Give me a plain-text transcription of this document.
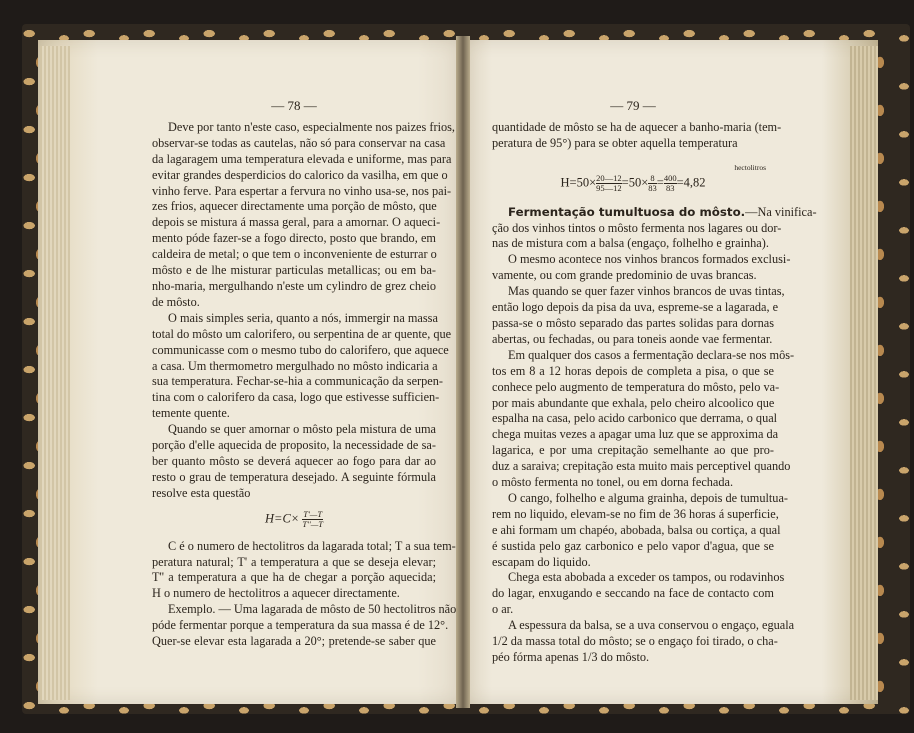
— 78 —
Deve por tanto n'este caso, especialmente nos paizes frios,
observar-se todas as cautelas, não só para conservar na casa
da lagaragem uma temperatura elevada e uniforme, mas para
evitar grandes desperdicios do calorico da vasilha, em que o
vinho ferve. Para espertar a fervura no vinho usa-se, nos pai-
zes frios, aquecer directamente uma porção de môsto, que
depois se mistura á massa geral, para a amornar. O aqueci-
mento póde fazer-se a fogo directo, posto que brando, em
caldeira de metal; o que tem o inconveniente de esturrar o
môsto e de lhe misturar particulas metallicas; ou em ba-
nho-maria, mergulhando n'este um cylindro de grez cheio
de môsto.
O mais simples seria, quanto a nós, immergir na massa
total do môsto um calorifero, ou serpentina de ar quente, que
communicasse com o mesmo tubo do calorifero, que aquece
a casa. Um thermometro mergulhado no môsto indicaria a
sua temperatura. Fechar-se-hia a communicação da serpen-
tina com o calorifero da casa, logo que estivesse sufficien-
temente quente.
Quando se quer amornar o môsto pela mistura de uma
porção d'elle aquecida de proposito, la necessidade de sa-
ber quanto môsto se deverá aquecer ao fogo para dar ao
resto o grau de temperatura desejado. A seguinte fórmula
resolve esta questão
$H=C\times \frac{T'—T}{T''—T}$
C é o numero de hectolitros da lagarada total; T a sua tem-
peratura natural; T' a temperatura a que se deseja elevar;
T'' a temperatura a que ha de chegar a porção aquecida;
H o numero de hectolitros a aquecer directamente.
Exemplo. — Uma lagarada de môsto de 50 hectolitros não
póde fermentar porque a temperatura da sua massa é de 12°.
Quer-se elevar esta lagarada a 20°; pretende-se saber que
— 79 —
quantidade de môsto se ha de aquecer a banho-maria (tem-
peratura de 95°) para se obter aquella temperatura
hectolitros
$H=50\times \frac{20—12}{95—12} =50\times \frac{8}{83} = \frac{400}{83} =4,82$
Fermentação tumultuosa do môsto.—Na vinifica-
ção dos vinhos tintos o môsto fermenta nos lagares ou dor-
nas de mistura com a balsa (engaço, folhelho e grainha).
O mesmo acontece nos vinhos brancos formados exclusi-
vamente, ou com grande predominio de uvas brancas.
Mas quando se quer fazer vinhos brancos de uvas tintas,
então logo depois da pisa da uva, espreme-se a lagarada, e
passa-se o môsto separado das partes solidas para dornas
abertas, ou fechadas, ou para toneis aonde vae fermentar.
Em qualquer dos casos a fermentação declara-se nos môs-
tos em 8 a 12 horas depois de completa a pisa, o que se
conhece pelo augmento de temperatura do môsto, pelo va-
por mais abundante que exhala, pelo cheiro alcoolico que
espalha na casa, pelo acido carbonico que derrama, o qual
chega muitas vezes a apagar uma luz que se approxima da
lagarica, e por uma crepitação semelhante ao que pro-
duz a saraiva; crepitação esta muito mais perceptivel quando
o môsto fermenta no tonel, ou em dorna fechada.
O cango, folhelho e alguma grainha, depois de tumultua-
rem no liquido, elevam-se no fim de 36 horas á superficie,
e ahi formam um chapéo, abobada, balsa ou cortiça, a qual
é sustida pelo gaz carbonico e pelo vapor d'agua, que se
escapam do liquido.
Chega esta abobada a exceder os tampos, ou rodavinhos
do lagar, enxugando e seccando na face de contacto com
o ar.
A espessura da balsa, se a uva conservou o engaço, eguala
1/2 da massa total do môsto; se o engaço foi tirado, o cha-
péo fórma apenas 1/3 do môsto.
